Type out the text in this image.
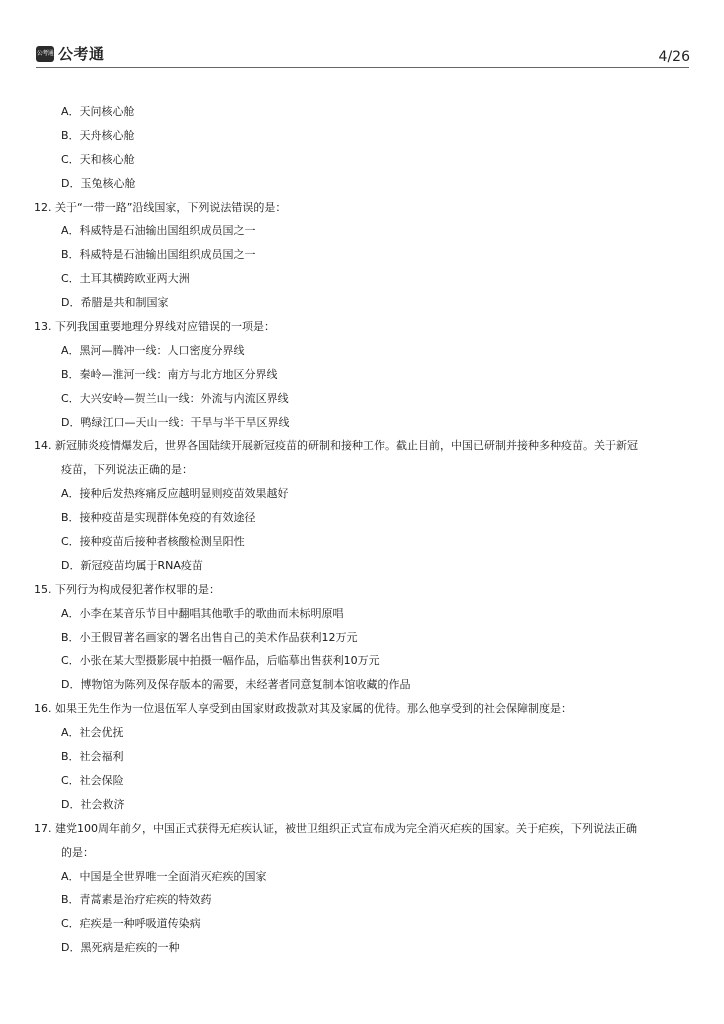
公考通 公考通	4/26
A．天问核心舱
B．天舟核心舱
C．天和核心舱
D．玉兔核心舱
12. 关于“一带一路”沿线国家，下列说法错误的是：
A．科威特是石油输出国组织成员国之一
B．科威特是石油输出国组织成员国之一
C．土耳其横跨欧亚两大洲
D．希腊是共和制国家
13. 下列我国重要地理分界线对应错误的一项是：
A．黑河—腾冲一线：人口密度分界线
B．秦岭—淮河一线：南方与北方地区分界线
C．大兴安岭—贺兰山一线：外流与内流区界线
D．鸭绿江口—天山一线：干旱与半干旱区界线
14. 新冠肺炎疫情爆发后，世界各国陆续开展新冠疫苗的研制和接种工作。截止目前，中国已研制并接种多种疫苗。关于新冠
疫苗，下列说法正确的是：
A．接种后发热疼痛反应越明显则疫苗效果越好
B．接种疫苗是实现群体免疫的有效途径
C．接种疫苗后接种者核酸检测呈阳性
D．新冠疫苗均属于RNA疫苗
15. 下列行为构成侵犯著作权罪的是：
A．小李在某音乐节目中翻唱其他歌手的歌曲而未标明原唱
B．小王假冒著名画家的署名出售自己的美术作品获利12万元
C．小张在某大型摄影展中拍摄一幅作品，后临摹出售获利10万元
D．博物馆为陈列及保存版本的需要，未经著者同意复制本馆收藏的作品
16. 如果王先生作为一位退伍军人享受到由国家财政拨款对其及家属的优待。那么他享受到的社会保障制度是：
A．社会优抚
B．社会福利
C．社会保险
D．社会救济
17. 建党100周年前夕，中国正式获得无疟疾认证，被世卫组织正式宣布成为完全消灭疟疾的国家。关于疟疾，下列说法正确
的是：
A．中国是全世界唯一全面消灭疟疾的国家
B．青蒿素是治疗疟疾的特效药
C．疟疾是一种呼吸道传染病
D．黑死病是疟疾的一种
